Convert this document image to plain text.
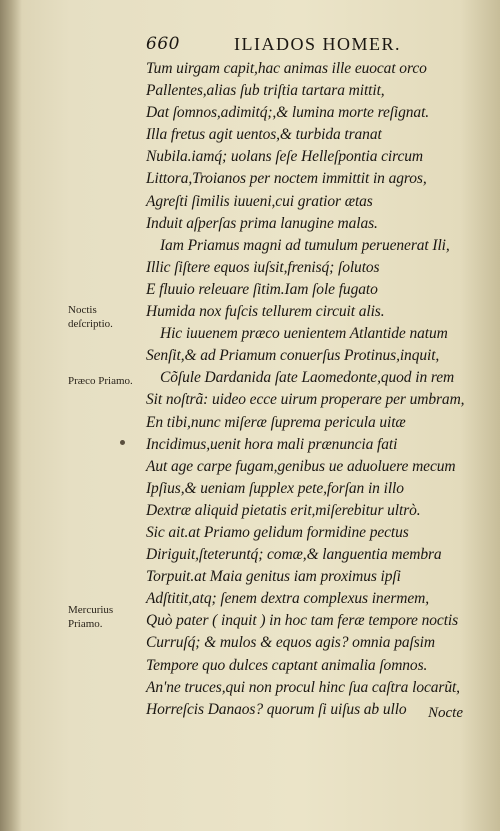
660	ILIADOS HOMER.
Tum uirgam capit,hac animas ille euocat orco
Pallentes,alias ſub triſtia tartara mittit,
Dat ſomnos,adimitq́;,& lumina morte reſignat.
Illa fretus agit uentos,& turbida tranat
Nubila.iamq́; uolans ſeſe Helleſpontia circum
Littora,Troianos per noctem immittit in agros,
Agreſti ſimilis iuueni,cui gratior ætas
Induit aſperſas prima lanugine malas.
Iam Priamus magni ad tumulum peruenerat Ili,
Illic ſiſtere equos iuſsit,frenisq́; ſolutos
E fluuio releuare ſitim.Iam ſole fugato
Humida nox fuſcis tellurem circuit alis.
Hic iuuenem præco uenientem Atlantide natum
Senſit,& ad Priamum conuerſus Protinus,inquit,
Cõſule Dardanida ſate Laomedonte,quod in rem
Sit noſtrã: uideo ecce uirum properare per umbram,
En tibi,nunc miſeræ ſuprema pericula uitæ
Incidimus,uenit hora mali prænuncia fati
Aut age carpe fugam,genibus ue aduoluere mecum
Ipſius,& ueniam ſupplex pete,forſan in illo
Dextræ aliquid pietatis erit,miſerebitur ultrò.
Sic ait.at Priamo gelidum formidine pectus
Diriguit,ſteteruntq́; comæ,& languentia membra
Torpuit.at Maia genitus iam proximus ipſi
Adſtitit,atq; ſenem dextra complexus inermem,
Quò pater ( inquit ) in hoc tam feræ tempore noctis
Curruſq́; & mulos & equos agis? omnia paſsim
Tempore quo dulces captant animalia ſomnos.
An'ne truces,qui non procul hinc ſua caſtra locarũt,
Horreſcis Danaos? quorum ſi uiſus ab ullo

Noctis deſcriptio.

Præco Priamo.

Mercurius Priamo.

Nocte
